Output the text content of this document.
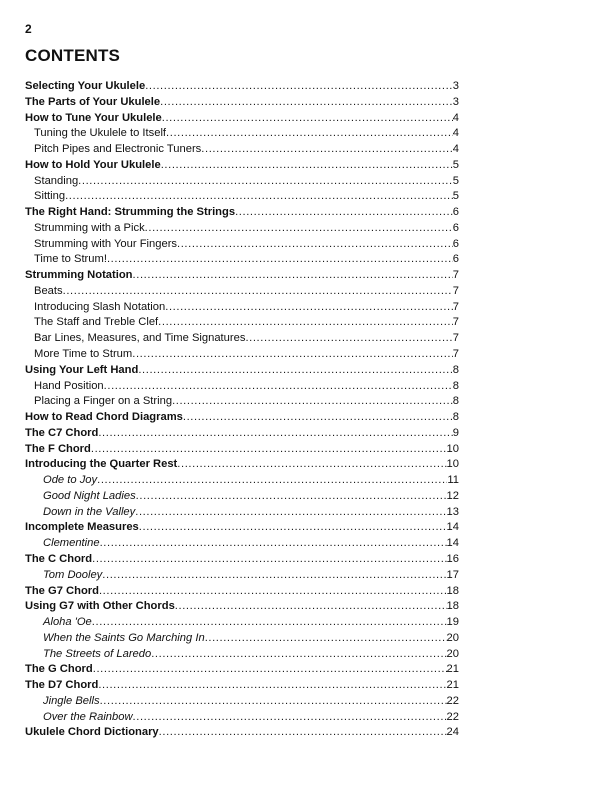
2
CONTENTS
Selecting Your Ukulele .....	3
The Parts of Your Ukulele .....	3
How to Tune Your Ukulele .....	4
Tuning the Ukulele to Itself .....	4
Pitch Pipes and Electronic Tuners .....	4
How to Hold Your Ukulele .....	5
Standing .....	5
Sitting .....	5
The Right Hand: Strumming the Strings .....	6
Strumming with a Pick .....	6
Strumming with Your Fingers .....	6
Time to Strum! .....	6
Strumming Notation .....	7
Beats .....	7
Introducing Slash Notation .....	7
The Staff and Treble Clef .....	7
Bar Lines, Measures, and Time Signatures .....	7
More Time to Strum .....	7
Using Your Left Hand .....	8
Hand Position .....	8
Placing a Finger on a String .....	8
How to Read Chord Diagrams .....	8
The C7 Chord .....	9
The F Chord .....	10
Introducing the Quarter Rest .....	10
Ode to Joy .....	11
Good Night Ladies .....	12
Down in the Valley .....	13
Incomplete Measures .....	14
Clementine .....	14
The C Chord .....	16
Tom Dooley .....	17
The G7 Chord .....	18
Using G7 with Other Chords .....	18
Aloha 'Oe .....	19
When the Saints Go Marching In .....	20
The Streets of Laredo .....	20
The G Chord .....	21
The D7 Chord .....	21
Jingle Bells .....	22
Over the Rainbow .....	22
Ukulele Chord Dictionary .....	24
